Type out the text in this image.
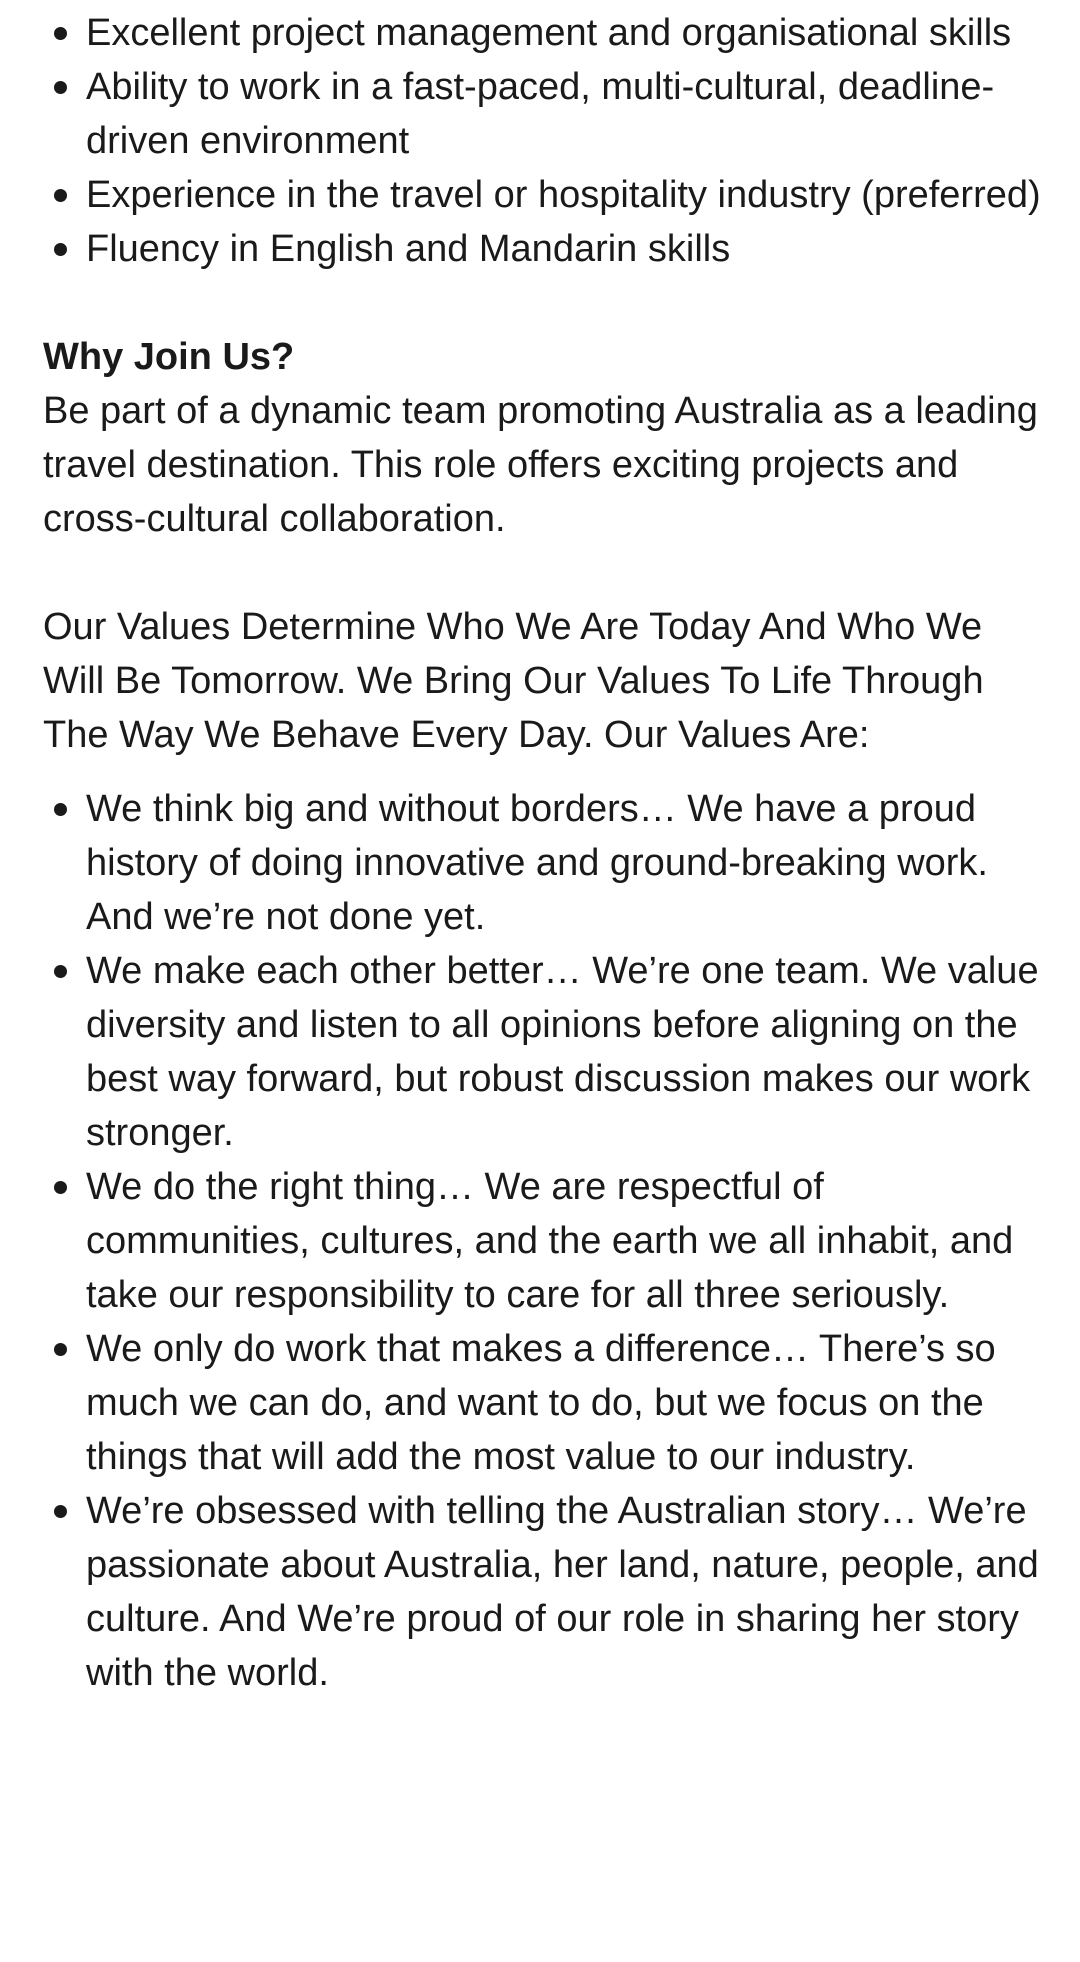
Excellent project management and organisational skills
Ability to work in a fast-paced, multi-cultural, deadline-driven environment
Experience in the travel or hospitality industry (preferred)
Fluency in English and Mandarin skills
Why Join Us?

Be part of a dynamic team promoting Australia as a leading travel destination. This role offers exciting projects and cross-cultural collaboration.

Our Values Determine Who We Are Today And Who We Will Be Tomorrow. We Bring Our Values To Life Through The Way We Behave Every Day. Our Values Are:

We think big and without borders… We have a proud history of doing innovative and ground-breaking work. And we’re not done yet.
We make each other better… We’re one team. We value diversity and listen to all opinions before aligning on the best way forward, but robust discussion makes our work stronger.
We do the right thing… We are respectful of communities, cultures, and the earth we all inhabit, and take our responsibility to care for all three seriously.
We only do work that makes a difference… There’s so much we can do, and want to do, but we focus on the things that will add the most value to our industry.
We’re obsessed with telling the Australian story… We’re passionate about Australia, her land, nature, people, and culture. And We’re proud of our role in sharing her story with the world.
